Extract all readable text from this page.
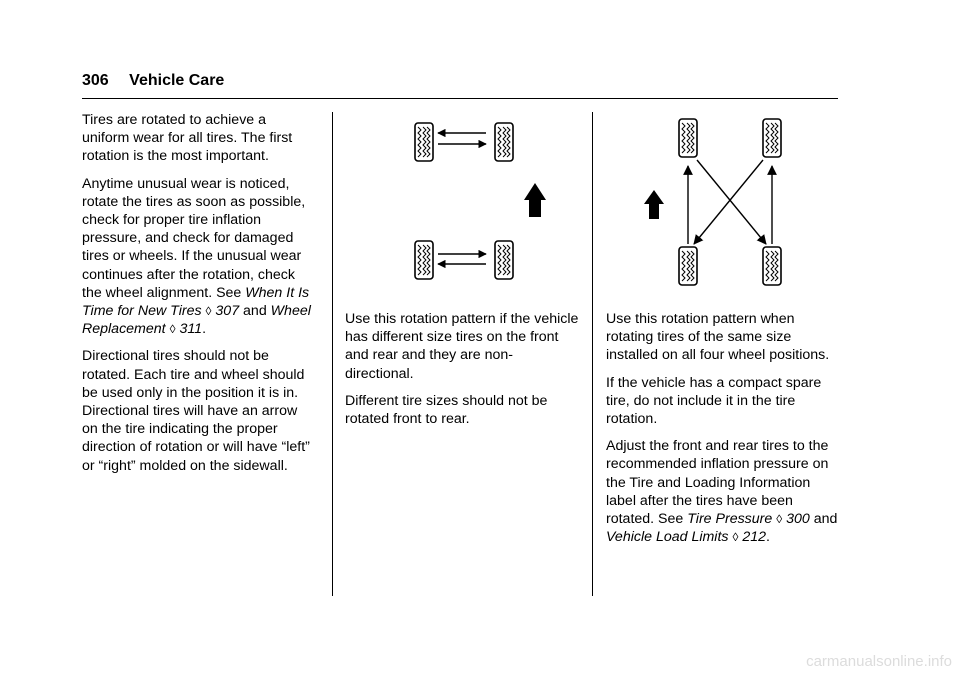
306 Vehicle Care

Tires are rotated to achieve a uniform wear for all tires. The first rotation is the most important.

Anytime unusual wear is noticed, rotate the tires as soon as possible, check for proper tire inflation pressure, and check for damaged tires or wheels. If the unusual wear continues after the rotation, check the wheel alignment. See When It Is Time for New Tires ◊ 307 and Wheel Replacement ◊ 311.

Directional tires should not be rotated. Each tire and wheel should be used only in the position it is in. Directional tires will have an arrow on the tire indicating the proper direction of rotation or will have “left” or “right” molded on the sidewall.

Use this rotation pattern if the vehicle has different size tires on the front and rear and they are non-directional.

Different tire sizes should not be rotated front to rear.

Use this rotation pattern when rotating tires of the same size installed on all four wheel positions.

If the vehicle has a compact spare tire, do not include it in the tire rotation.

Adjust the front and rear tires to the recommended inflation pressure on the Tire and Loading Information label after the tires have been rotated. See Tire Pressure ◊ 300 and Vehicle Load Limits ◊ 212.

carmanualsonline.info
